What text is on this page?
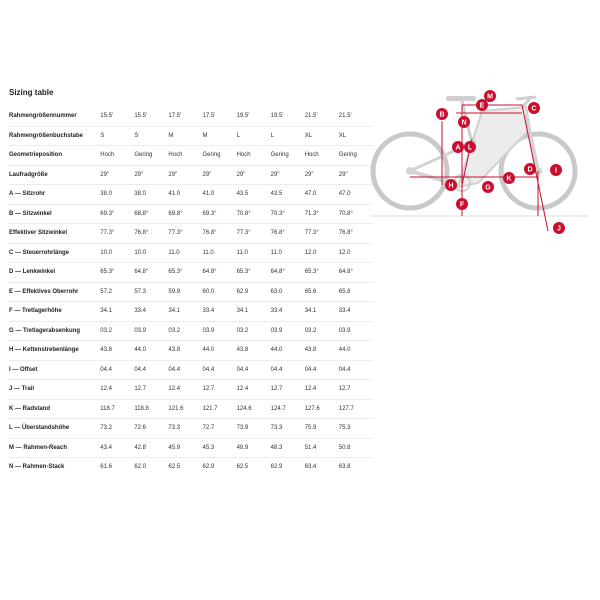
Sizing table
Rahmengrößennummer	15.5'	15.5'	17.5'	17.5'	19.5'	19.5'	21.5'	21.5'
Rahmengrößenbuchstabe	S	S	M	M	L	L	XL	XL
Geometrieposition	Hoch	Gering	Hoch	Gering	Hoch	Gering	Hoch	Gering
Laufradgröße	29"	29"	29"	29"	29"	29"	29"	29"
A — Sitzrohr	38.0	38.0	41.0	41.0	43.5	43.5	47.0	47.0
B — Sitzwinkel	69.3°	68.8°	69.8°	69.3°	70.8°	70.3°	71.3°	70.8°
Effektiver Sitzwinkel	77.3°	76.8°	77.3°	76.8°	77.3°	76.8°	77.3°	76.8°
C — Steuerrohrlänge	10.0	10.0	11.0	11.0	11.0	11.0	12.0	12.0
D — Lenkwinkel	65.3°	64.8°	65.3°	64.8°	65.3°	64.8°	65.3°	64.8°
E — Effektives Oberrohr	57.2	57.3	59.9	60.0	62.9	63.0	65.6	65.8
F — Tretlagerhöhe	34.1	33.4	34.1	33.4	34.1	33.4	34.1	33.4
G — Tretlagerabsenkung	03.2	03.9	03.2	03.9	03.2	03.9	03.2	03.9
H — Kettenstrebenlänge	43.8	44.0	43.8	44.0	43.8	44.0	43.8	44.0
I — Offset	04.4	04.4	04.4	04.4	04.4	04.4	04.4	04.4
J — Trail	12.4	12.7	12.4	12.7	12.4	12.7	12.4	12.7
K — Radstand	118.7	118.8	121.6	121.7	124.6	124.7	127.6	127.7
L — Überstandshöhe	73.2	72.6	73.3	72.7	73.9	73.3	75.9	75.3
M — Rahmen-Reach	43.4	42.8	45.9	45.3	48.9	48.3	51.4	50.8
N — Rahmen-Stack	61.6	62.0	62.5	62.9	62.5	62.9	63.4	63.8
A
B
C
D
E
F
G
H
I
J
K
L
M
N
